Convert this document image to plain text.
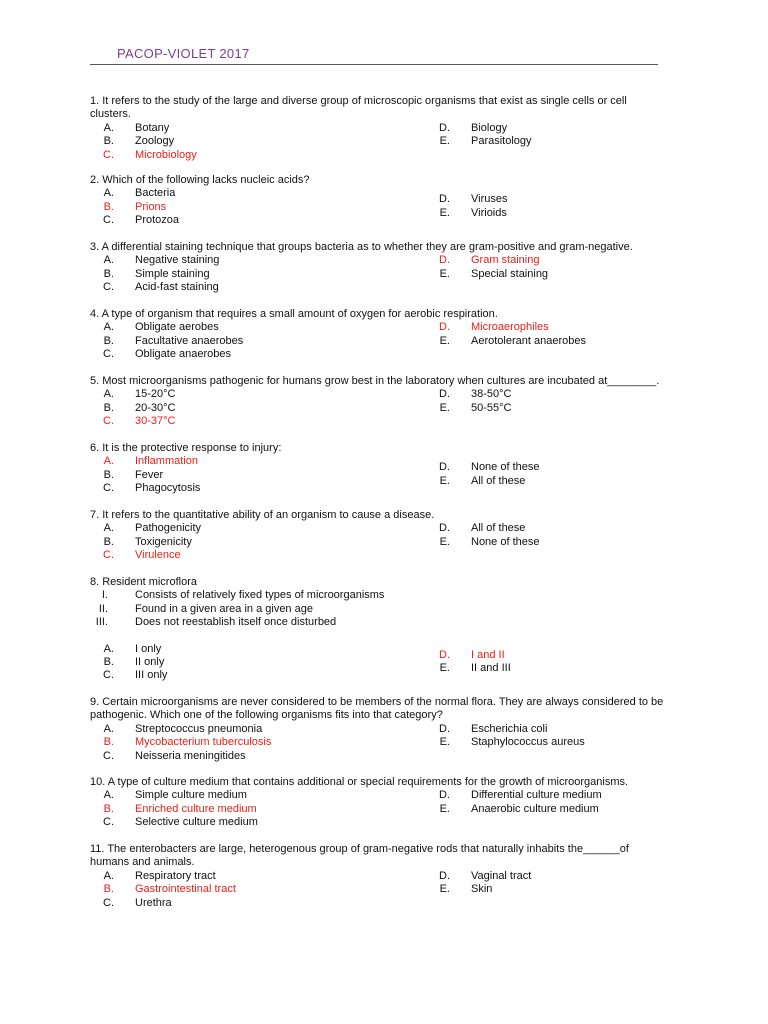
PACOP-VIOLET 2017

1. It refers to the study of the large and diverse group of microscopic organisms that exist as single cells or cell clusters.

A. Botany
B. Zoology
C. Microbiology
D. Biology
E. Parasitology

2. Which of the following lacks nucleic acids?

A. Bacteria
B. Prions
C. Protozoa
D. Viruses
E. Virioids

3. A differential staining technique that groups bacteria as to whether they are gram-positive and gram-negative.

A. Negative staining
B. Simple staining
C. Acid-fast staining
D. Gram staining
E. Special staining

4. A type of organism that requires a small amount of oxygen for aerobic respiration.

A. Obligate aerobes
B. Facultative anaerobes
C. Obligate anaerobes
D. Microaerophiles
E. Aerotolerant anaerobes

5. Most microorganisms pathogenic for humans grow best in the laboratory when cultures are incubated at________.

A. 15-20°C
B. 20-30°C
C. 30-37°C
D. 38-50°C
E. 50-55°C

6. It is the protective response to injury:

A. Inflammation
B. Fever
C. Phagocytosis
D. None of these
E. All of these

7. It refers to the quantitative ability of an organism to cause a disease.

A. Pathogenicity
B. Toxigenicity
C. Virulence
D. All of these
E. None of these

8. Resident microflora

I. Consists of relatively fixed types of microorganisms
II. Found in a given area in a given age
III. Does not reestablish itself once disturbed
A. I only
B. II only
C. III only
D. I and II
E. II and III

9. Certain microorganisms are never considered to be members of the normal flora. They are always considered to be pathogenic. Which one of the following organisms fits into that category?

A. Streptococcus pneumonia
B. Mycobacterium tuberculosis
C. Neisseria meningitides
D. Escherichia coli
E. Staphylococcus aureus

10. A type of culture medium that contains additional or special requirements for the growth of microorganisms.

A. Simple culture medium
B. Enriched culture medium
C. Selective culture medium
D. Differential culture medium
E. Anaerobic culture medium

11. The enterobacters are large, heterogenous group of gram-negative rods that naturally inhabits the______of humans and animals.

A. Respiratory tract
B. Gastrointestinal tract
C. Urethra
D. Vaginal tract
E. Skin
